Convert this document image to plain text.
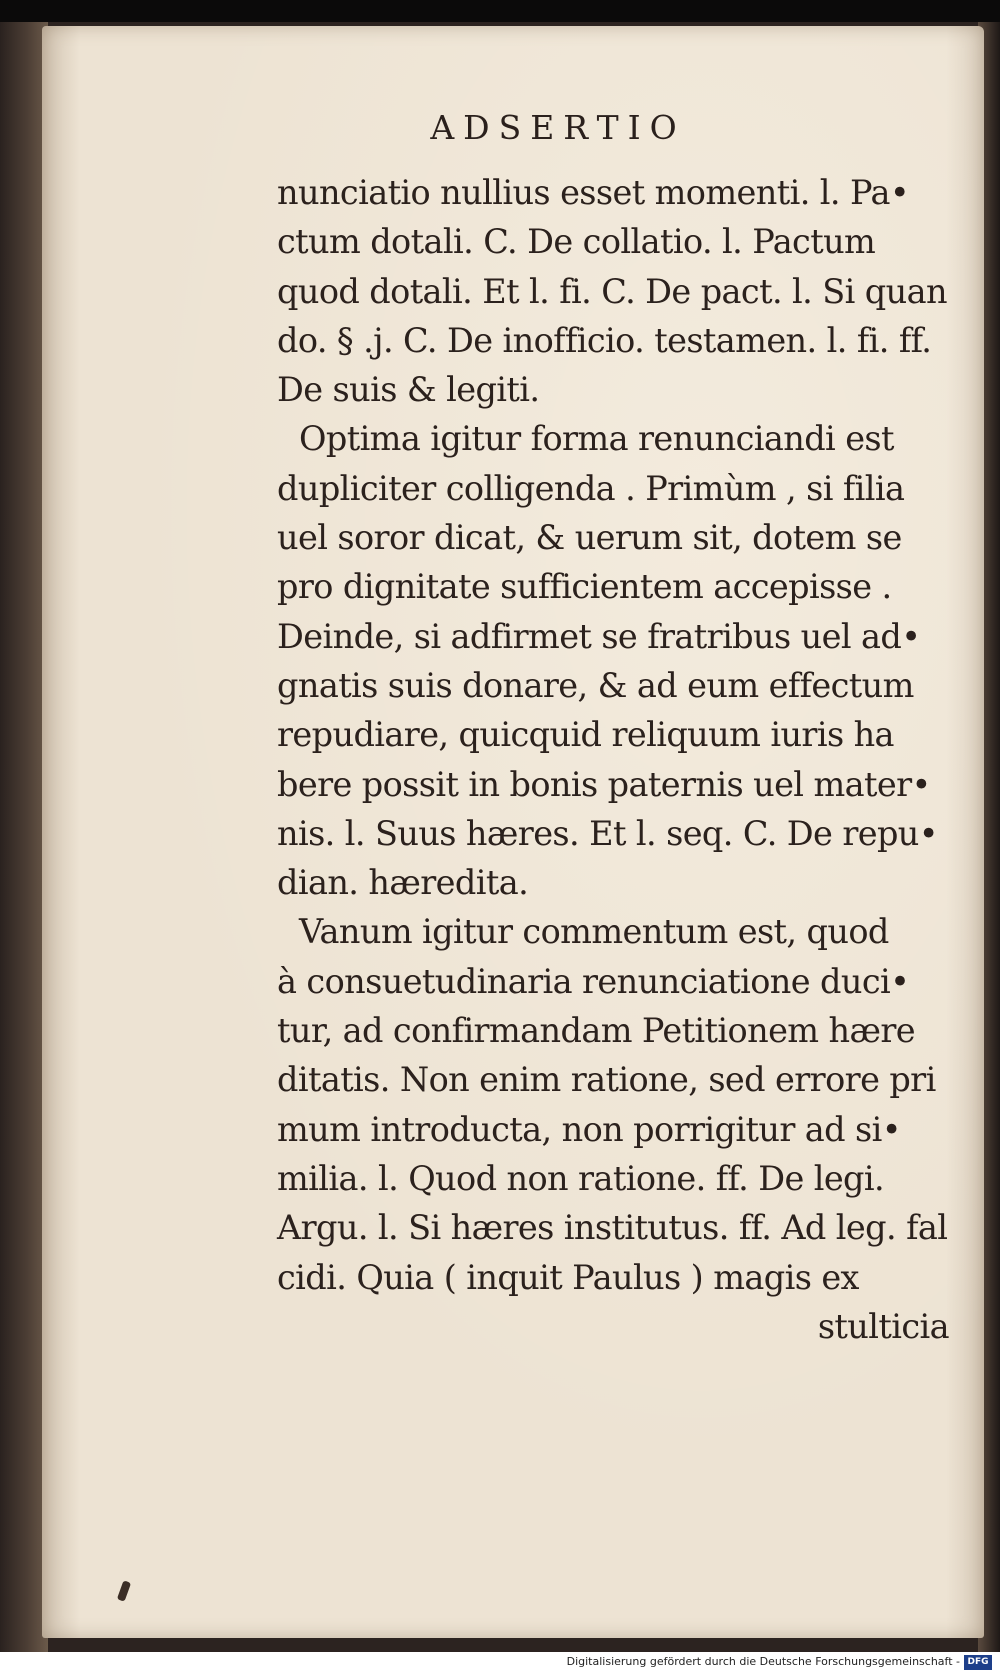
ADSERTIO
nunciatio nullius esset momenti. l. Pa•
ctum dotali. C. De collatio. l. Pactum
quod dotali. Et l. fi. C. De pact. l. Si quan
do. § .j. C. De inofficio. testamen. l. fi. ff.
De suis & legiti.
Optima igitur forma renunciandi est
dupliciter colligenda . Primùm , si filia
uel soror dicat, & uerum sit, dotem se
pro dignitate sufficientem accepisse .
Deinde, si adfirmet se fratribus uel ad•
gnatis suis donare, & ad eum effectum
repudiare, quicquid reliquum iuris ha
bere possit in bonis paternis uel mater•
nis. l. Suus hæres. Et l. seq. C. De repu•
dian. hæredita.
Vanum igitur commentum est, quod
à consuetudinaria renunciatione duci•
tur, ad confirmandam Petitionem hære
ditatis. Non enim ratione, sed errore pri
mum introducta, non porrigitur ad si•
milia. l. Quod non ratione. ff. De legi.
Argu. l. Si hæres institutus. ff. Ad leg. fal
cidi. Quia ( inquit Paulus ) magis ex
stulticia
Digitalisierung gefördert durch die Deutsche Forschungsgemeinschaft - DFG
